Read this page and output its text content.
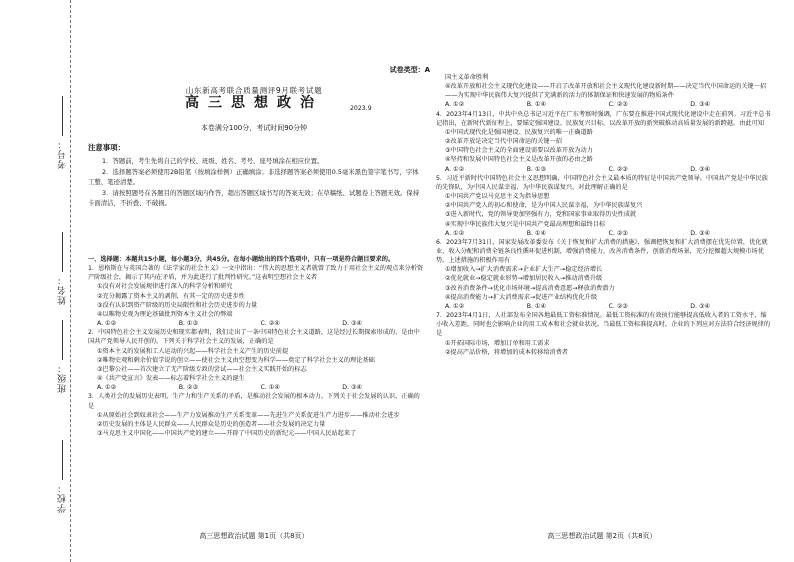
学校：
班级：
姓名：
考号：
试卷类型：A
山东新高考联合质量测评9月联考试题
高三思想政治	2023.9
本卷满分100分，考试时间90分钟
注意事项：

1．答题前，考生先将自己的学校、班级、姓名、考号、座号填涂在相应位置。

2．选择题答案必须使用2B铅笔（按填涂样例）正确填涂；非选择题答案必须使用0.5毫米黑色签字笔书写，字体工整、笔迹清楚。

3．请按照题号在各题目的答题区域内作答，超出答题区域书写的答案无效；在草稿纸、试题卷上答题无效。保持卡面清洁，不折叠、不破损。

一、选择题：本题共15小题，每小题3分，共45分。在每小题给出的四个选项中，只有一项是符合题目要求的。

1．恩格斯在与英国合著的《法学家的社会主义》一文中指出：“伟大的思想主义者就曾了致力于用社会主义的观点来分析资产阶级社会，揭示了其内在矛盾，并为此进行了批判性研究。”这表明空想社会主义者

①没有对社会发展规律进行深入的科学分析和研究

②充分揭露了资本主义的剥削，有其一定的历史进步性

③没有认识到资产阶级的历史局限性和社会历史进步的力量

④以唯物史观为理论基础批判资本主义社会的弊端

A. ①②	B. ①③	C. ②④	D. ③④

2．中国特色社会主义发展历史和现实都表明，我们走出了一条中国特色社会主义道路，这是经过长期探索形成的，是由中国共产党领导人民开创的。下列关于科学社会主义的发展，正确的是

①资本主义的发展和工人运动的兴起——科学社会主义产生的历史前提

②唯物史观和剩余价值学说的创立——使社会主义由空想变为科学——奠定了科学社会主义的理论基础

③巴黎公社——首次建立了无产阶级专政的尝试——社会主义实践开始的标志

④《共产党宣言》发表——标志着科学社会主义的诞生

A. ①②	B. ②③	C. ①④	D. ③④

3．人类社会的发展历史表明，生产力和生产关系的矛盾，是推动社会发展的根本动力。下列关于社会发展的认识，正确的是

①从原始社会到奴隶社会——生产力发展推动生产关系变革——先进生产关系促进生产力进步——推动社会进步

②历史发展的主体是人民群众——人民群众是历史的创造者——社会发展的决定力量

③马克思主义中国化——中国共产党的建立——开辟了中国历史的新纪元——中国人民站起来了

高三思想政治试题 第1页（共8页）

国主义革命胜利

④改革开放和社会主义现代化建设——开启了改革开放和社会主义现代化建设新时期——决定当代中国命运的关键一招——为实现中华民族伟大复兴提供了充满新的活力的体制保证和快速发展的物质条件

A. ①②	B. ①④	C. ②③	D. ③④

4．2023年4月13日，中共中央总书记习近平在广东考察时强调，广东要在推进中国式现代化建设中走在前列。习近平总书记指出，在新时代新征程上，要锚定强国建设、民族复兴目标，以改革开放的新突破推动高质量发展的新跨越。由此可知

①中国式现代化是强国建设、民族复兴的唯一正确道路

②改革开放是决定当代中国命运的关键一招

③中国特色社会主义的全面建设需要以改革开放为动力

④坚持和发展中国特色社会主义是改革开放的必由之路

A. ①②	B. ①③	C. ②③	D. ③④

5．习近平新时代中国特色社会主义思想明确，中国特色社会主义最本质的特征是中国共产党领导。中国共产党是中华民族的先锋队，为中国人民谋幸福、为中华民族谋复兴。对此理解正确的是

①中国共产党以马克思主义为指导思想

②中国共产党人的初心和使命，是为中国人民谋幸福，为中华民族谋复兴

③进入新时代，党的领导更加坚强有力，党和国家事业取得历史性成就

④实现中华民族伟大复兴是中国共产党最高理想和最终目标

A. ①②	B. ①④	C. ②③	D. ③④

6．2023年7月31日，国家发展改革委发布《关于恢复和扩大消费的措施》，强调把恢复和扩大消费摆在优先位置，优化就业、收入分配和消费全链条良性循环促进机制，增强消费能力，改善消费条件，创新消费场景，充分挖掘超大规模市场优势。上述措施的积极作用有

①增加收入→扩大消费需求→企业扩大生产→稳定经济增长

②优化就业→稳定就业形势→增加居民收入→推动消费升级

③改善消费条件→优化市场环境→提高消费意愿→释放消费潜力

④提高消费能力→扩大消费需求→促进产业结构优化升级

A. ①②	B. ①④	C. ②③	D. ③④

7．2023年4月1日，人社部发布全国各地最低工资标准情况。最低工资标准的有效执行能够提高低收入者的工资水平，缩小收入差距，同时也会影响企业的用工成本和社会就业状况。当最低工资标准提高时，企业的下列应对方法符合经济规律的是

①开拓国际市场，增加订单和用工需求

②提高产品价格，将增加的成本转移给消费者

高三思想政治试题 第2页（共8页）
